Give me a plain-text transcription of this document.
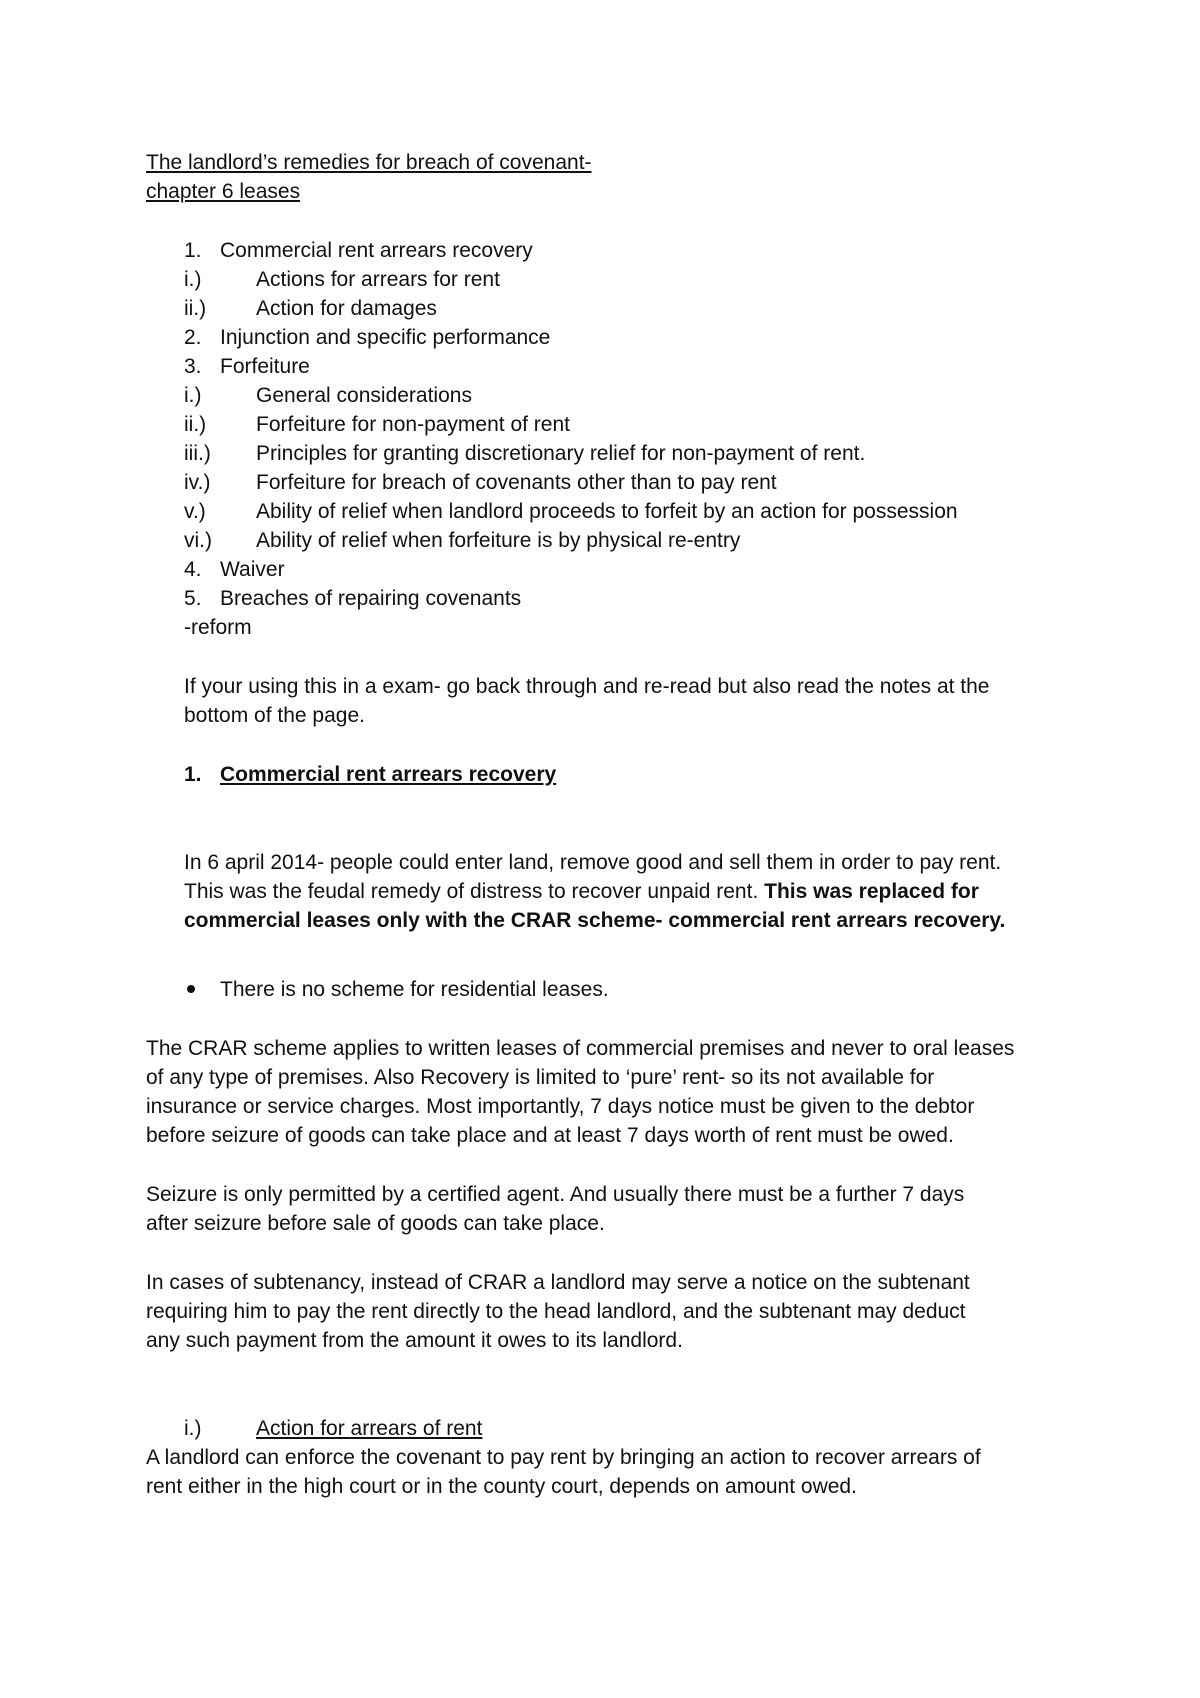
The landlord’s remedies for breach of covenant-
chapter 6 leases
1. Commercial rent arrears recovery
i.)	Actions for arrears for rent
ii.) Action for damages
2. Injunction and specific performance
3. Forfeiture
i.)	General considerations
ii.) Forfeiture for non-payment of rent
iii.) Principles for granting discretionary relief for non-payment of rent.
iv.) Forfeiture for breach of covenants other than to pay rent
v.) Ability of relief when landlord proceeds to forfeit by an action for possession
vi.) Ability of relief when forfeiture is by physical re-entry
4. Waiver
5. Breaches of repairing covenants
-reform
If your using this in a exam- go back through and re-read but also read the notes at the
bottom of the page.
1. Commercial rent arrears recovery
In 6 april 2014- people could enter land, remove good and sell them in order to pay rent.
This was the feudal remedy of distress to recover unpaid rent. This was replaced for
commercial leases only with the CRAR scheme- commercial rent arrears recovery.
There is no scheme for residential leases.
The CRAR scheme applies to written leases of commercial premises and never to oral leases
of any type of premises. Also Recovery is limited to ‘pure’ rent- so its not available for
insurance or service charges. Most importantly, 7 days notice must be given to the debtor
before seizure of goods can take place and at least 7 days worth of rent must be owed.
Seizure is only permitted by a certified agent. And usually there must be a further 7 days
after seizure before sale of goods can take place.
In cases of subtenancy, instead of CRAR a landlord may serve a notice on the subtenant
requiring him to pay the rent directly to the head landlord, and the subtenant may deduct
any such payment from the amount it owes to its landlord.
i.)	Action for arrears of rent
A landlord can enforce the covenant to pay rent by bringing an action to recover arrears of
rent either in the high court or in the county court, depends on amount owed.
